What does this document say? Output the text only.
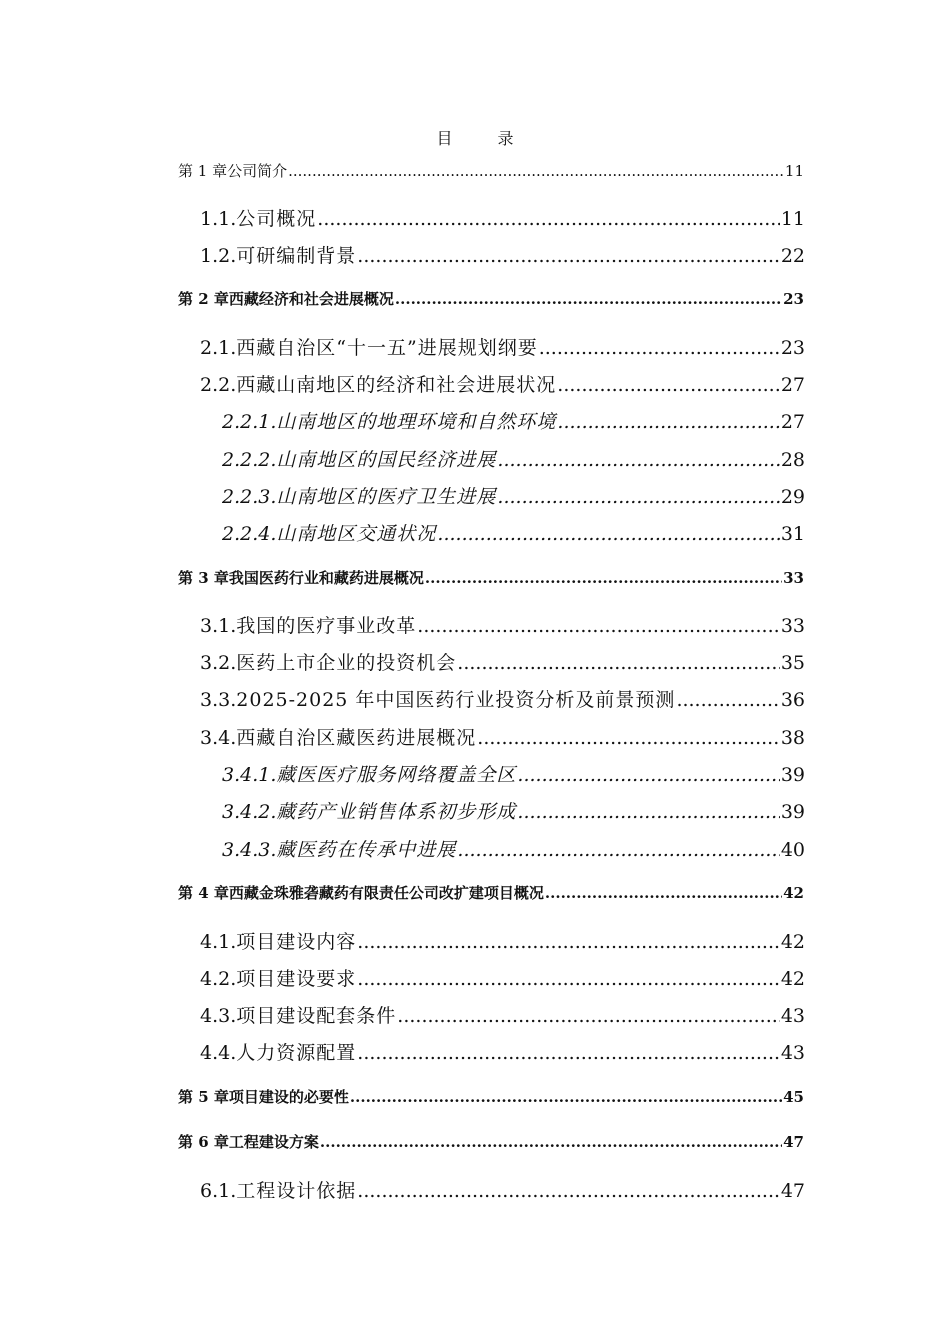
目 录
第 1 章 公司简介 .....	11
1.1. 公司概况 .....	11
1.2. 可研编制背景 .....	22
第 2 章 西藏经济和社会进展概况 .....	23
2.1. 西藏自治区“十一五”进展规划纲要 .....	23
2.2. 西藏山南地区的经济和社会进展状况 .....	27
2.2.1. 山南地区的地理环境和自然环境 .....	27
2.2.2. 山南地区的国民经济进展 .....	28
2.2.3. 山南地区的医疗卫生进展 .....	29
2.2.4. 山南地区交通状况 .....	31
第 3 章 我国医药行业和藏药进展概况 .....	33
3.1. 我国的医疗事业改革 .....	33
3.2. 医药上市企业的投资机会 .....	35
3.3. 2025-2025 年中国医药行业投资分析及前景预测 .....	36
3.4. 西藏自治区藏医药进展概况 .....	38
3.4.1. 藏医医疗服务网络覆盖全区 .....	39
3.4.2. 藏药产业销售体系初步形成 .....	39
3.4.3. 藏医药在传承中进展 .....	40
第 4 章 西藏金珠雅砻藏药有限责任公司改扩建项目概况 .....	42
4.1. 项目建设内容 .....	42
4.2. 项目建设要求 .....	42
4.3. 项目建设配套条件 .....	43
4.4. 人力资源配置 .....	43
第 5 章 项目建设的必要性 .....	45
第 6 章 工程建设方案 .....	47
6.1. 工程设计依据 .....	47
